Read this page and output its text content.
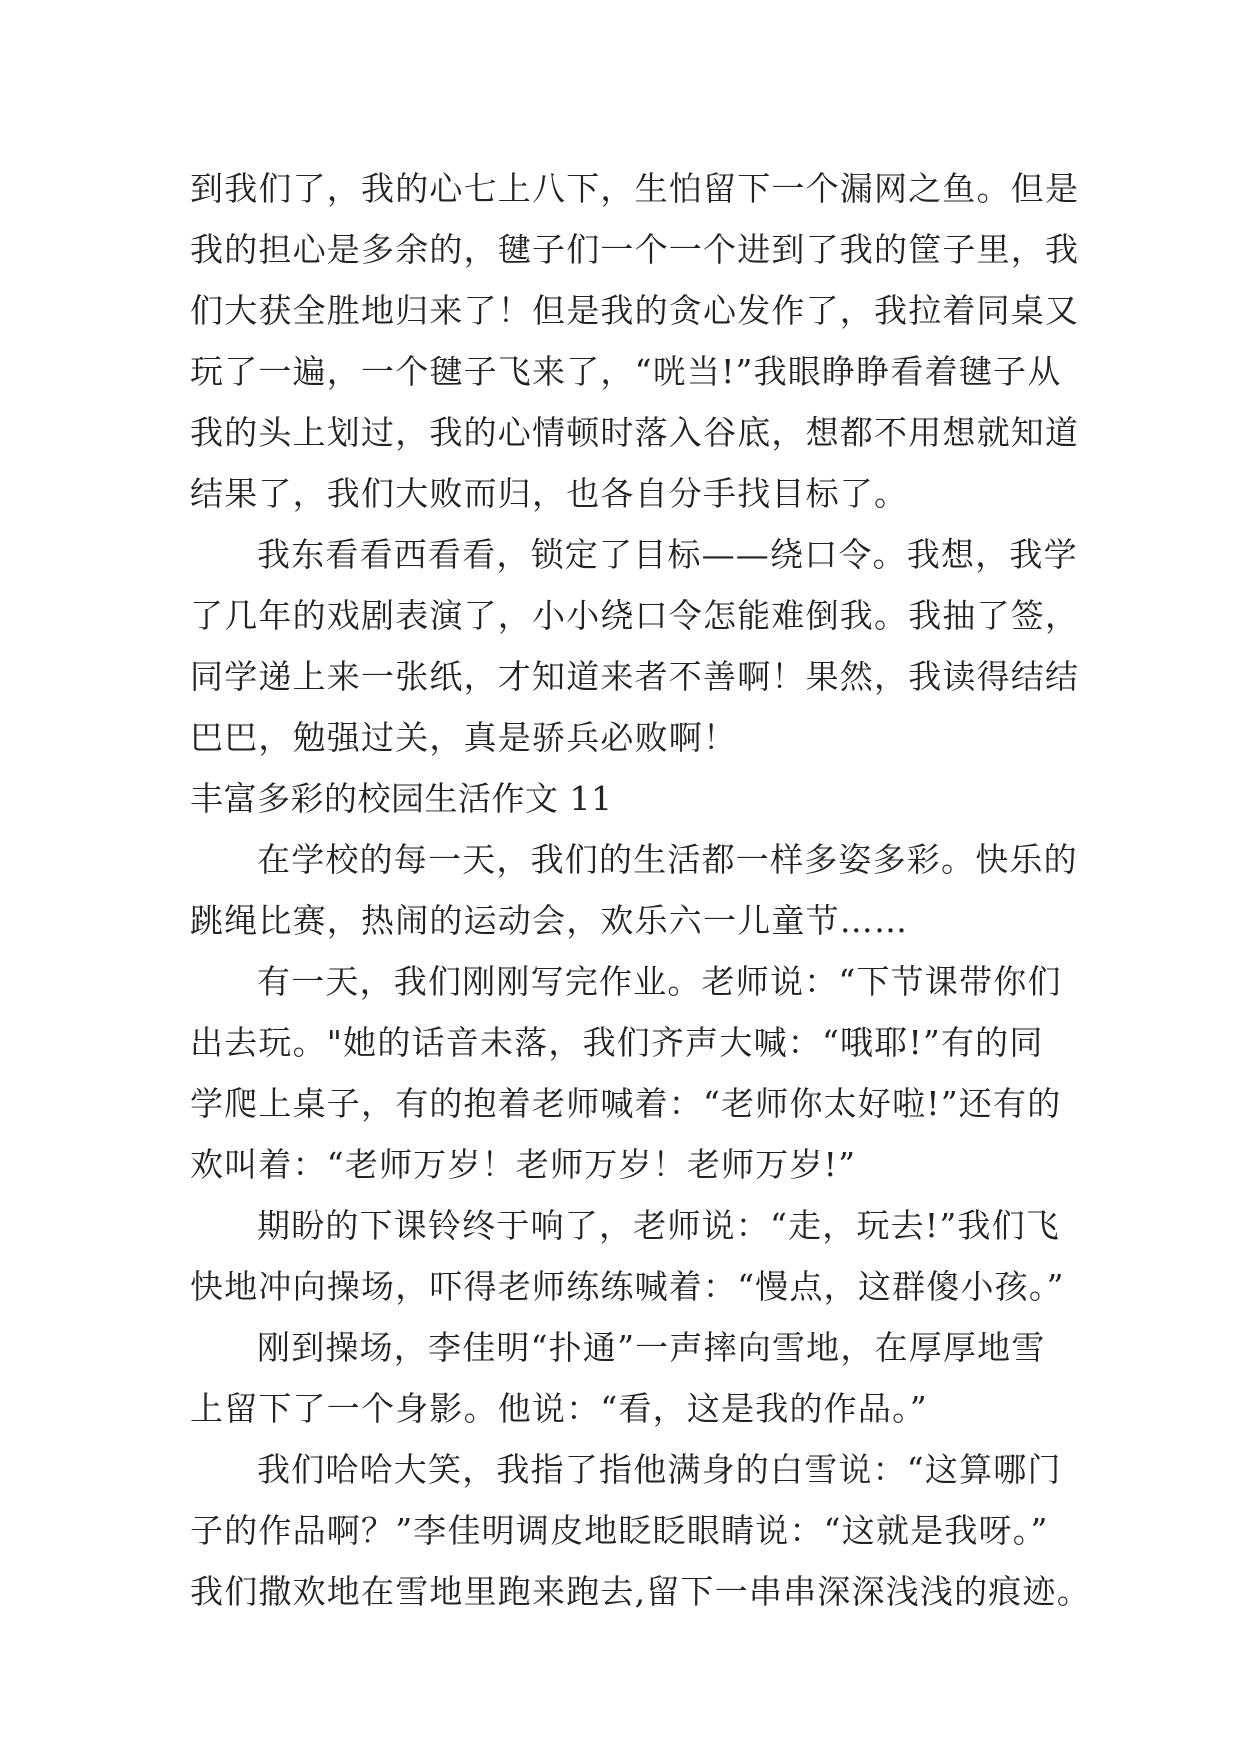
到我们了，我的心七上八下，生怕留下一个漏网之鱼。但是
我的担心是多余的，毽子们一个一个进到了我的筐子里，我
们大获全胜地归来了！但是我的贪心发作了，我拉着同桌又
玩了一遍，一个毽子飞来了，“咣当!”我眼睁睁看着毽子从
我的头上划过，我的心情顿时落入谷底，想都不用想就知道
结果了，我们大败而归，也各自分手找目标了。
我东看看西看看，锁定了目标——绕口令。我想，我学
了几年的戏剧表演了，小小绕口令怎能难倒我。我抽了签，
同学递上来一张纸，才知道来者不善啊！果然，我读得结结
巴巴，勉强过关，真是骄兵必败啊！
丰富多彩的校园生活作文 11
在学校的每一天，我们的生活都一样多姿多彩。快乐的
跳绳比赛，热闹的运动会，欢乐六一儿童节……
有一天，我们刚刚写完作业。老师说：“下节课带你们
出去玩。"她的话音未落，我们齐声大喊：“哦耶!”有的同
学爬上桌子，有的抱着老师喊着：“老师你太好啦!”还有的
欢叫着：“老师万岁！老师万岁！老师万岁!”
期盼的下课铃终于响了，老师说：“走，玩去!”我们飞
快地冲向操场，吓得老师练练喊着：“慢点，这群傻小孩。”
刚到操场，李佳明“扑通”一声摔向雪地，在厚厚地雪
上留下了一个身影。他说：“看，这是我的作品。”
我们哈哈大笑，我指了指他满身的白雪说：“这算哪门
子的作品啊？”李佳明调皮地眨眨眼睛说：“这就是我呀。”
我们撒欢地在雪地里跑来跑去,留下一串串深深浅浅的痕迹。
